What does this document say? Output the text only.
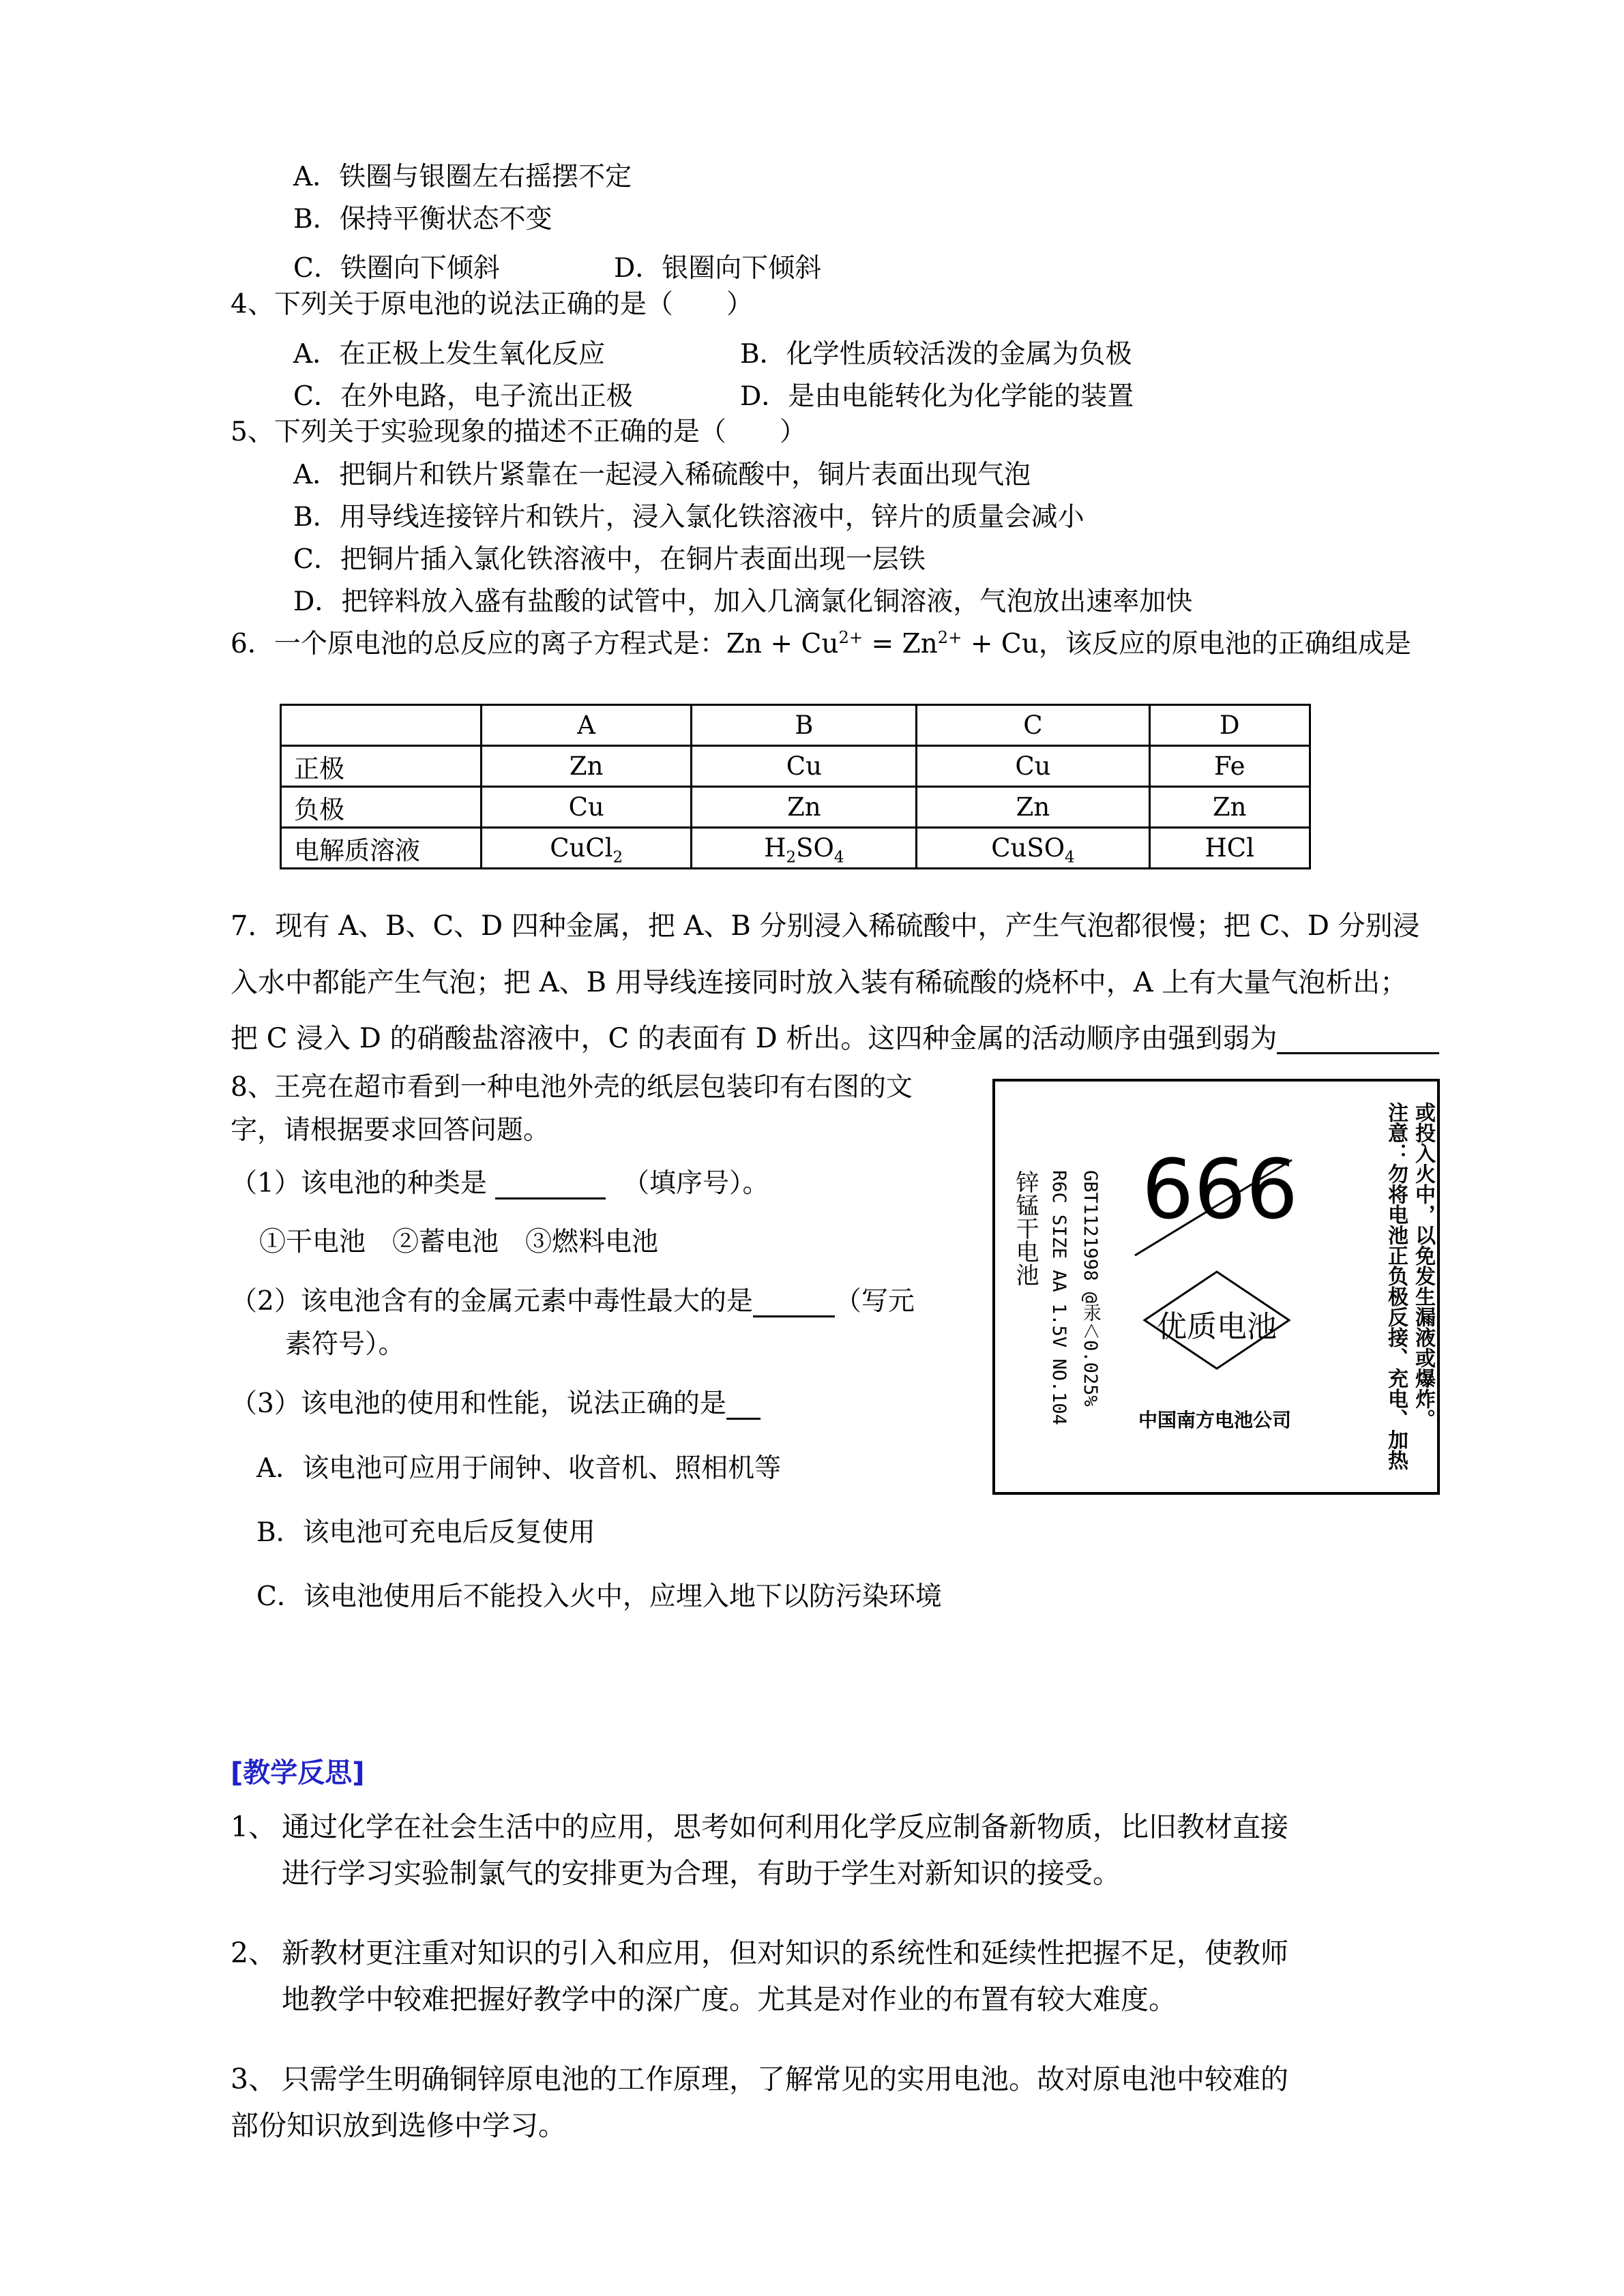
A．铁圈与银圈左右摇摆不定
B．保持平衡状态不变
C．铁圈向下倾斜	D．银圈向下倾斜
4、下列关于原电池的说法正确的是（　　）
A．在正极上发生氧化反应	B．化学性质较活泼的金属为负极
C．在外电路，电子流出正极	D．是由电能转化为化学能的装置
5、下列关于实验现象的描述不正确的是（　　）
A．把铜片和铁片紧靠在一起浸入稀硫酸中，铜片表面出现气泡
B．用导线连接锌片和铁片，浸入氯化铁溶液中，锌片的质量会减小
C．把铜片插入氯化铁溶液中，在铜片表面出现一层铁
D．把锌料放入盛有盐酸的试管中，加入几滴氯化铜溶液，气泡放出速率加快
6．一个原电池的总反应的离子方程式是：$Zn + Cu^{2+} = Zn^{2+} + Cu$，该反应的原电池的正确组成是
	A	B	C	D
正极	Zn	Cu	Cu	Fe
负极	Cu	Zn	Zn	Zn
电解质溶液	CuCl$_2$	$H_2SO_4$	CuSO$_4$	HCl
7．现有 A、B、C、D 四种金属，把 A、B 分别浸入稀硫酸中，产生气泡都很慢；把 C、D 分别浸
入水中都能产生气泡；把 A、B 用导线连接同时放入装有稀硫酸的烧杯中，A 上有大量气泡析出；
把 C 浸入 D 的硝酸盐溶液中，C 的表面有 D 析出。这四种金属的活动顺序由强到弱为
8、王亮在超市看到一种电池外壳的纸层包装印有右图的文
字，请根据要求回答问题。
（1）该电池的种类是	（填序号）。
①干电池　②蓄电池　③燃料电池
（2）该电池含有的金属元素中毒性最大的是	（写元
素符号）。
（3）该电池的使用和性能，说法正确的是
A．该电池可应用于闹钟、收音机、照相机等
B．该电池可充电后反复使用
C．该电池使用后不能投入火中，应埋入地下以防污染环境
注意：勿将电池正负极反接、充电、加热 或投入火中，以免发生漏液或爆炸。
666
优质电池
中国南方电池公司
锌锰干电池 R6C SIZE AA 1.5V NO.104 GBT1121998 @汞＜0.025%
[教学反思]
1、 通过化学在社会生活中的应用，思考如何利用化学反应制备新物质，比旧教材直接
进行学习实验制氯气的安排更为合理，有助于学生对新知识的接受。
2、 新教材更注重对知识的引入和应用，但对知识的系统性和延续性把握不足，使教师
地教学中较难把握好教学中的深广度。尤其是对作业的布置有较大难度。
3、 只需学生明确铜锌原电池的工作原理，了解常见的实用电池。故对原电池中较难的
部份知识放到选修中学习。
